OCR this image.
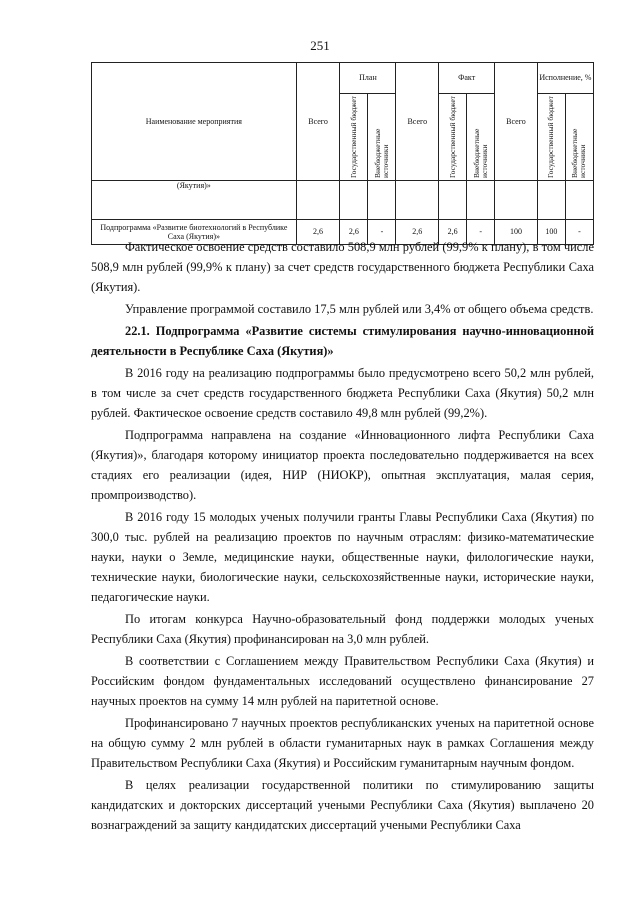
251
Наименование мероприятия	Всего	План		Всего	Факт		Всего	Исполнение, %	

		Государственный бюджет	Внебюджетные источники		Государственный бюджет	Внебюджетные источники		Государственный бюджет	Внебюджетные источники

(Якутия)»									
Подпрограмма «Развитие биотехнологий в Республике Саха (Якутия)»	2,6	2,6	-	2,6	2,6	-	100	100	-

Фактическое освоение средств составило 508,9 млн рублей (99,9% к плану), в том числе 508,9 млн рублей (99,9% к плану) за счет средств государственного бюджета Республики Саха (Якутия).

Управление программой составило 17,5 млн рублей или 3,4% от общего объема средств.

22.1. Подпрограмма «Развитие системы стимулирования научно-инновационной деятельности в Республике Саха (Якутия)»

В 2016 году на реализацию подпрограммы было предусмотрено всего 50,2 млн рублей, в том числе за счет средств государственного бюджета Республики Саха (Якутия) 50,2 млн рублей. Фактическое освоение средств составило 49,8 млн рублей (99,2%).

Подпрограмма направлена на создание «Инновационного лифта Республики Саха (Якутия)», благодаря которому инициатор проекта последовательно поддерживается на всех стадиях его реализации (идея, НИР (НИОКР), опытная эксплуатация, малая серия, промпроизводство).

В 2016 году 15 молодых ученых получили гранты Главы Республики Саха (Якутия) по 300,0 тыс. рублей на реализацию проектов по научным отраслям: физико-математические науки, науки о Земле, медицинские науки, общественные науки, филологические науки, технические науки, биологические науки, сельскохозяйственные науки, исторические науки, педагогические науки.

По итогам конкурса Научно-образовательный фонд поддержки молодых ученых Республики Саха (Якутия) профинансирован на 3,0 млн рублей.

В соответствии с Соглашением между Правительством Республики Саха (Якутия) и Российским фондом фундаментальных исследований осуществлено финансирование 27 научных проектов на сумму 14 млн рублей на паритетной основе.

Профинансировано 7 научных проектов республиканских ученых на паритетной основе на общую сумму 2 млн рублей в области гуманитарных наук в рамках Соглашения между Правительством Республики Саха (Якутия) и Российским гуманитарным научным фондом.

В целях реализации государственной политики по стимулированию защиты кандидатских и докторских диссертаций учеными Республики Саха (Якутия) выплачено 20 вознаграждений за защиту кандидатских диссертаций учеными Республики Саха
